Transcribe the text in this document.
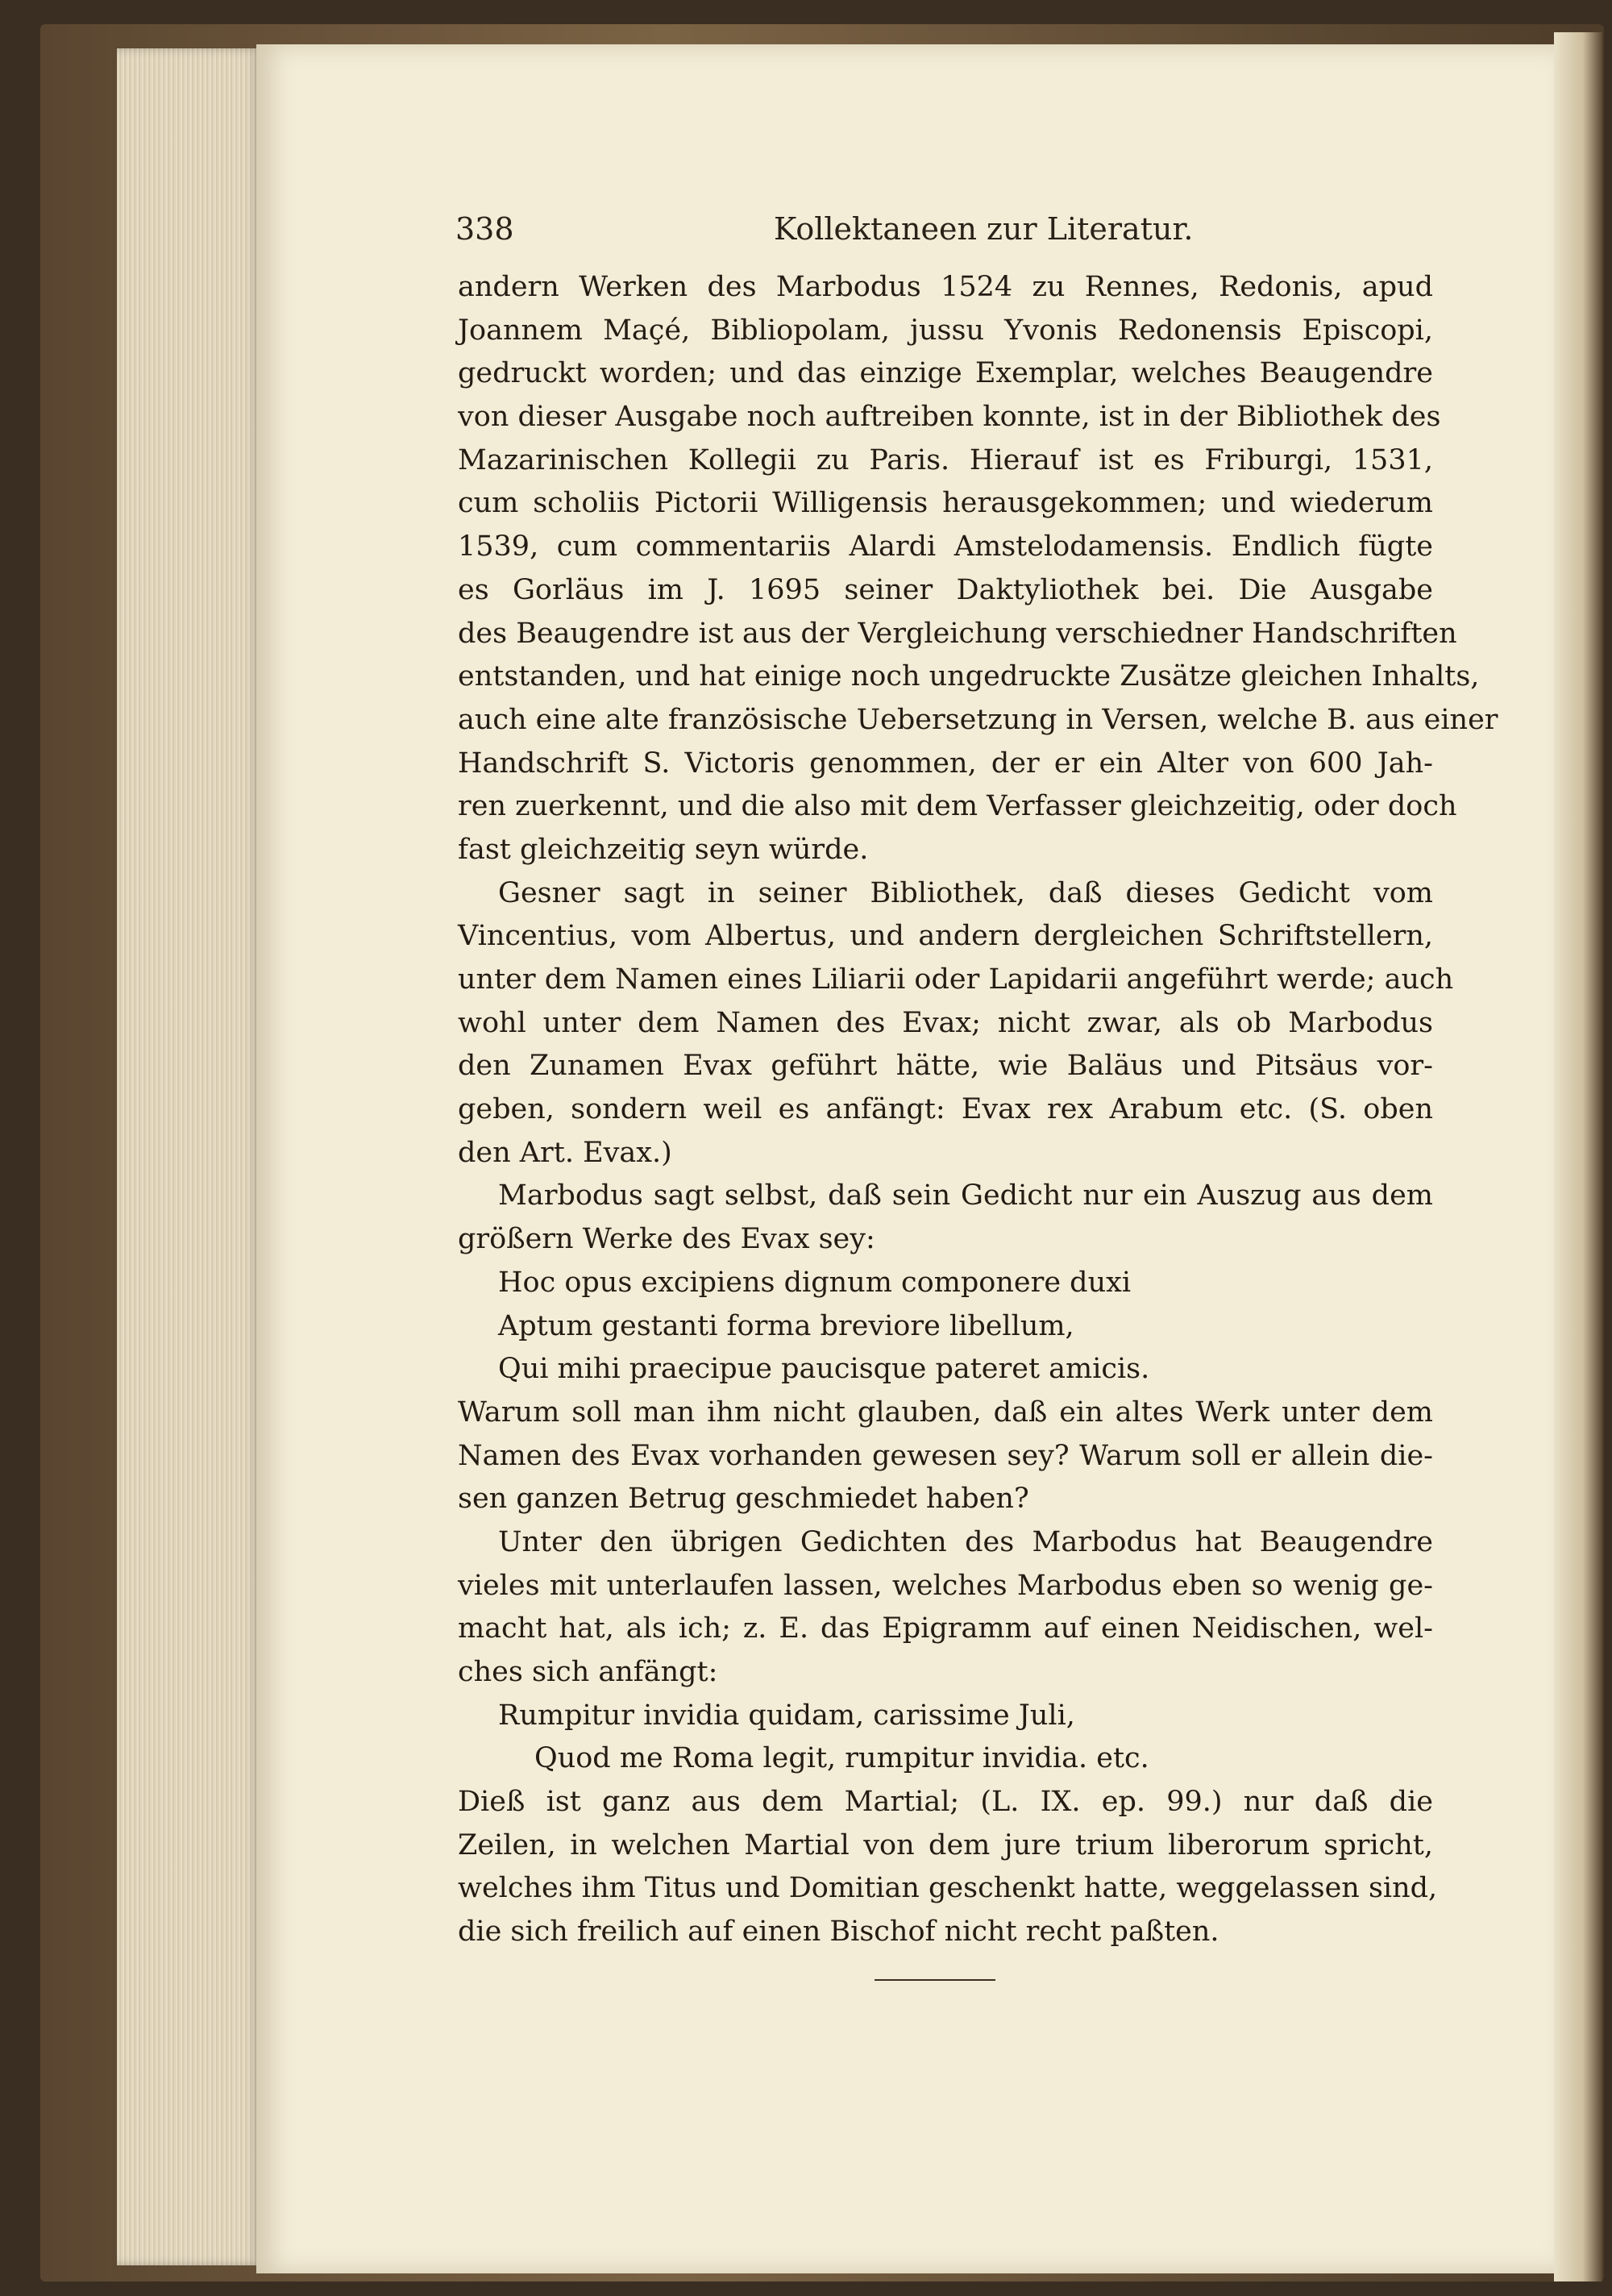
338	Kollektaneen zur Literatur.
andern Werken des Marbodus 1524 zu Rennes, Redonis, apud
Joannem Maçé, Bibliopolam, jussu Yvonis Redonensis Episcopi,
gedruckt worden; und das einzige Exemplar, welches Beaugendre
von dieser Ausgabe noch auftreiben konnte, ist in der Bibliothek des
Mazarinischen Kollegii zu Paris. Hierauf ist es Friburgi, 1531,
cum scholiis Pictorii Willigensis herausgekommen; und wiederum
1539, cum commentariis Alardi Amstelodamensis. Endlich fügte
es Gorläus im J. 1695 seiner Daktyliothek bei. Die Ausgabe
des Beaugendre ist aus der Vergleichung verschiedner Handschriften
entstanden, und hat einige noch ungedruckte Zusätze gleichen Inhalts,
auch eine alte französische Uebersetzung in Versen, welche B. aus einer
Handschrift S. Victoris genommen, der er ein Alter von 600 Jah-
ren zuerkennt, und die also mit dem Verfasser gleichzeitig, oder doch
fast gleichzeitig seyn würde.
Gesner sagt in seiner Bibliothek, daß dieses Gedicht vom
Vincentius, vom Albertus, und andern dergleichen Schriftstellern,
unter dem Namen eines Liliarii oder Lapidarii angeführt werde; auch
wohl unter dem Namen des Evax; nicht zwar, als ob Marbodus
den Zunamen Evax geführt hätte, wie Baläus und Pitsäus vor-
geben, sondern weil es anfängt: Evax rex Arabum etc. (S. oben
den Art. Evax.)
Marbodus sagt selbst, daß sein Gedicht nur ein Auszug aus dem
größern Werke des Evax sey:
Hoc opus excipiens dignum componere duxi
Aptum gestanti forma breviore libellum,
Qui mihi praecipue paucisque pateret amicis.
Warum soll man ihm nicht glauben, daß ein altes Werk unter dem
Namen des Evax vorhanden gewesen sey? Warum soll er allein die-
sen ganzen Betrug geschmiedet haben?
Unter den übrigen Gedichten des Marbodus hat Beaugendre
vieles mit unterlaufen lassen, welches Marbodus eben so wenig ge-
macht hat, als ich; z. E. das Epigramm auf einen Neidischen, wel-
ches sich anfängt:
Rumpitur invidia quidam, carissime Juli,
Quod me Roma legit, rumpitur invidia. etc.
Dieß ist ganz aus dem Martial; (L. IX. ep. 99.) nur daß die
Zeilen, in welchen Martial von dem jure trium liberorum spricht,
welches ihm Titus und Domitian geschenkt hatte, weggelassen sind,
die sich freilich auf einen Bischof nicht recht paßten.
